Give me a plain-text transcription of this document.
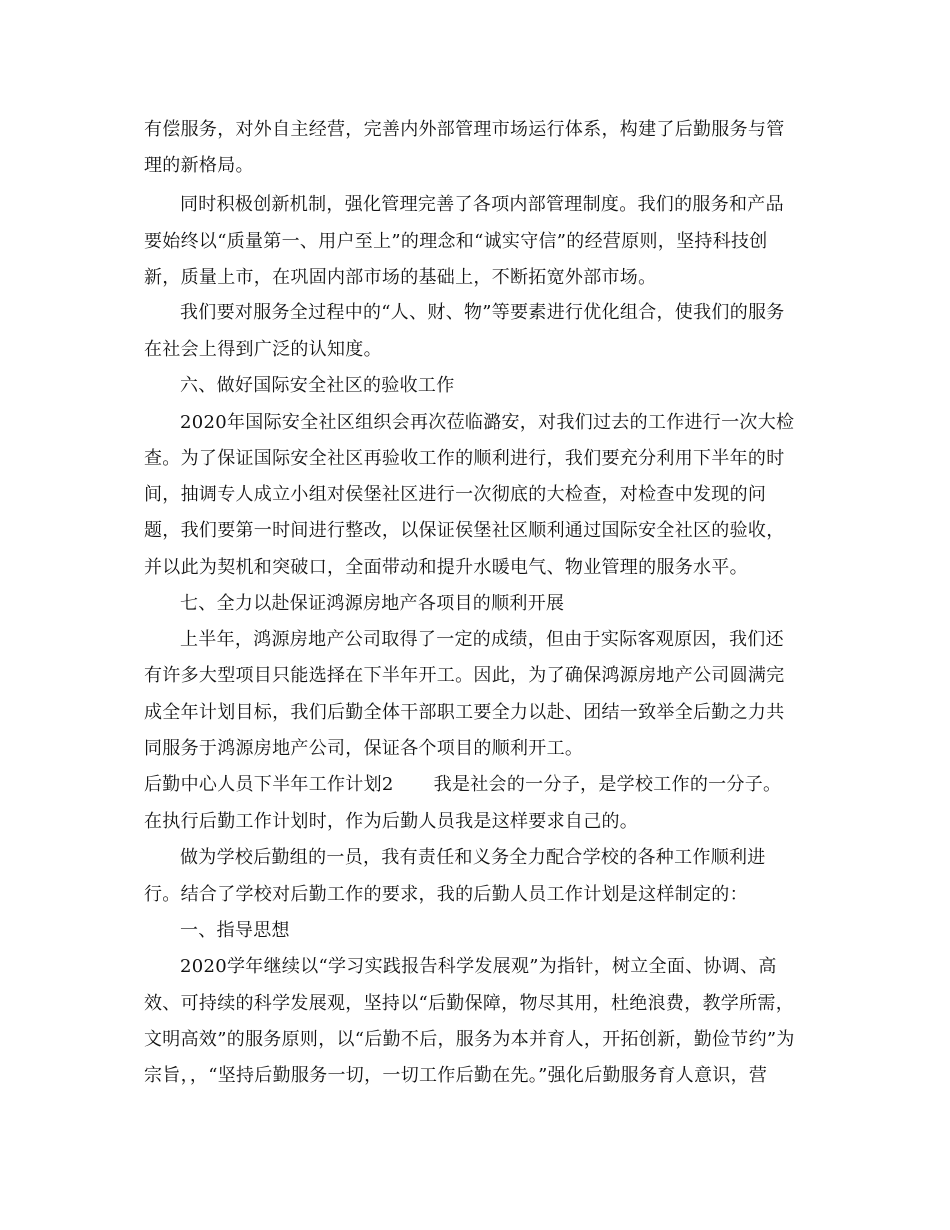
有偿服务，对外自主经营，完善内外部管理市场运行体系，构建了后勤服务与管
理的新格局。
同时积极创新机制，强化管理完善了各项内部管理制度。我们的服务和产品
要始终以“质量第一、用户至上”的理念和“诚实守信”的经营原则，坚持科技创
新，质量上市，在巩固内部市场的基础上，不断拓宽外部市场。
我们要对服务全过程中的“人、财、物”等要素进行优化组合，使我们的服务
在社会上得到广泛的认知度。
六、做好国际安全社区的验收工作
2020年国际安全社区组织会再次莅临潞安，对我们过去的工作进行一次大检
查。为了保证国际安全社区再验收工作的顺利进行，我们要充分利用下半年的时
间，抽调专人成立小组对侯堡社区进行一次彻底的大检查，对检查中发现的问
题，我们要第一时间进行整改，以保证侯堡社区顺利通过国际安全社区的验收，
并以此为契机和突破口，全面带动和提升水暖电气、物业管理的服务水平。
七、全力以赴保证鸿源房地产各项目的顺利开展
上半年，鸿源房地产公司取得了一定的成绩，但由于实际客观原因，我们还
有许多大型项目只能选择在下半年开工。因此，为了确保鸿源房地产公司圆满完
成全年计划目标，我们后勤全体干部职工要全力以赴、团结一致举全后勤之力共
同服务于鸿源房地产公司，保证各个项目的顺利开工。
后勤中心人员下半年工作计划2 我是社会的一分子，是学校工作的一分子。
在执行后勤工作计划时，作为后勤人员我是这样要求自己的。
做为学校后勤组的一员，我有责任和义务全力配合学校的各种工作顺利进
行。结合了学校对后勤工作的要求，我的后勤人员工作计划是这样制定的：
一、指导思想
2020学年继续以“学习实践报告科学发展观”为指针，树立全面、协调、高
效、可持续的科学发展观，坚持以“后勤保障，物尽其用，杜绝浪费，教学所需，
文明高效”的服务原则，以“后勤不后，服务为本并育人，开拓创新，勤俭节约”为
宗旨，，“坚持后勤服务一切，一切工作后勤在先。”强化后勤服务育人意识，营
